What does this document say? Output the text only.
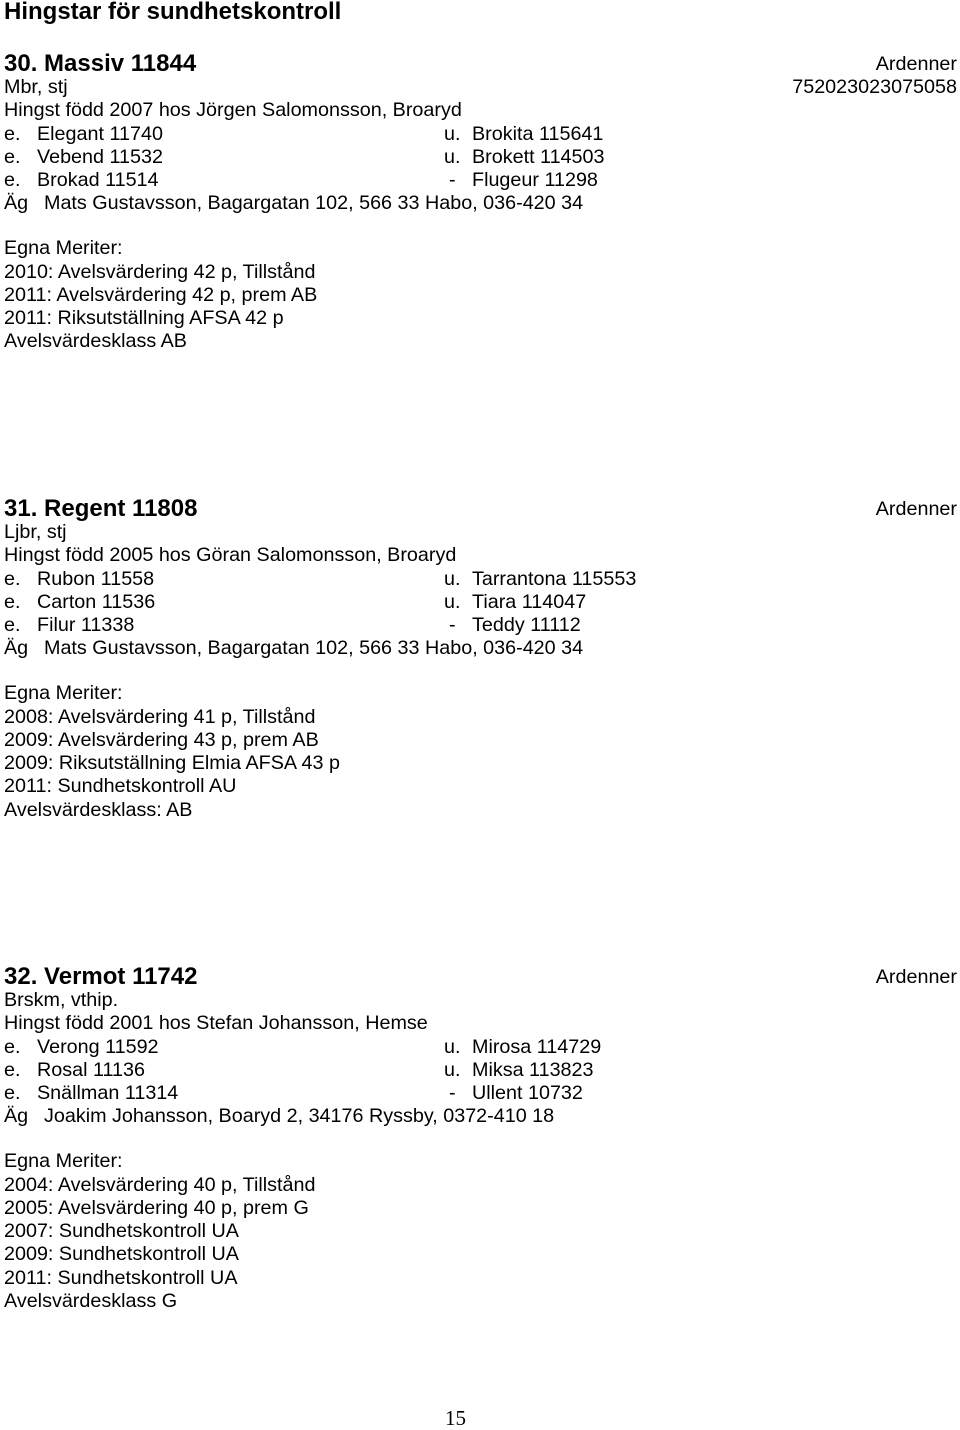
Hingstar för sundhetskontroll
30. Massiv 11844	Ardenner
Mbr, stj	752023023075058
Hingst född 2007 hos Jörgen Salomonsson, Broaryd
e. Elegant 11740	u. Brokita 115641
e. Vebend 11532	u. Brokett 114503
e. Brokad 11514	- Flugeur 11298
Äg Mats Gustavsson, Bagargatan 102, 566 33 Habo, 036-420 34
Egna Meriter:
2010: Avelsvärdering 42 p, Tillstånd
2011: Avelsvärdering 42 p, prem AB
2011: Riksutställning AFSA 42 p
Avelsvärdesklass AB
31. Regent 11808	Ardenner
Ljbr, stj
Hingst född 2005 hos Göran Salomonsson, Broaryd
e. Rubon 11558	u. Tarrantona 115553
e. Carton 11536	u. Tiara 114047
e. Filur 11338	- Teddy 11112
Äg Mats Gustavsson, Bagargatan 102, 566 33 Habo, 036-420 34
Egna Meriter:
2008: Avelsvärdering 41 p, Tillstånd
2009: Avelsvärdering 43 p, prem AB
2009: Riksutställning Elmia AFSA 43 p
2011: Sundhetskontroll AU
Avelsvärdesklass: AB
32. Vermot 11742	Ardenner
Brskm, vthip.
Hingst född 2001 hos Stefan Johansson, Hemse
e. Verong 11592	u. Mirosa 114729
e. Rosal 11136	u. Miksa 113823
e. Snällman 11314	- Ullent 10732
Äg Joakim Johansson, Boaryd 2, 34176 Ryssby, 0372-410 18
Egna Meriter:
2004: Avelsvärdering 40 p, Tillstånd
2005: Avelsvärdering 40 p, prem G
2007: Sundhetskontroll UA
2009: Sundhetskontroll UA
2011: Sundhetskontroll UA
Avelsvärdesklass G
15
